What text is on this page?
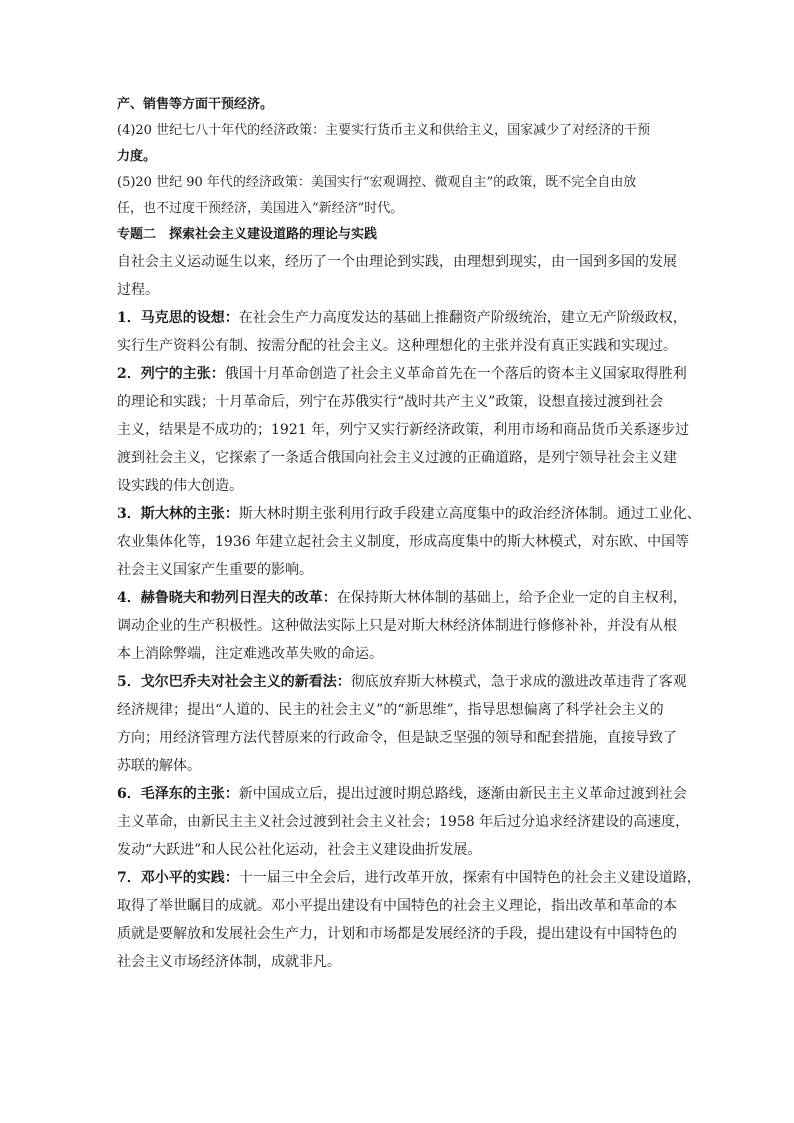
产、销售等方面干预经济。

(4)20 世纪七八十年代的经济政策：主要实行货币主义和供给主义，国家减少了对经济的干预

力度。

(5)20 世纪 90 年代的经济政策：美国实行“宏观调控、微观自主”的政策，既不完全自由放

任，也不过度干预经济，美国进入“新经济”时代。

专题二　探索社会主义建设道路的理论与实践

自社会主义运动诞生以来，经历了一个由理论到实践，由理想到现实，由一国到多国的发展

过程。

1．马克思的设想：在社会生产力高度发达的基础上推翻资产阶级统治，建立无产阶级政权，

实行生产资料公有制、按需分配的社会主义。这种理想化的主张并没有真正实践和实现过。

2．列宁的主张：俄国十月革命创造了社会主义革命首先在一个落后的资本主义国家取得胜利

的理论和实践；十月革命后，列宁在苏俄实行“战时共产主义”政策，设想直接过渡到社会

主义，结果是不成功的；1921 年，列宁又实行新经济政策，利用市场和商品货币关系逐步过

渡到社会主义，它探索了一条适合俄国向社会主义过渡的正确道路，是列宁领导社会主义建

设实践的伟大创造。

3．斯大林的主张：斯大林时期主张利用行政手段建立高度集中的政治经济体制。通过工业化、

农业集体化等，1936 年建立起社会主义制度，形成高度集中的斯大林模式，对东欧、中国等

社会主义国家产生重要的影响。

4．赫鲁晓夫和勃列日涅夫的改革：在保持斯大林体制的基础上，给予企业一定的自主权利，

调动企业的生产积极性。这种做法实际上只是对斯大林经济体制进行修修补补，并没有从根

本上消除弊端，注定难逃改革失败的命运。

5．戈尔巴乔夫对社会主义的新看法：彻底放弃斯大林模式，急于求成的激进改革违背了客观

经济规律；提出“人道的、民主的社会主义”的“新思维”，指导思想偏离了科学社会主义的

方向；用经济管理方法代替原来的行政命令，但是缺乏坚强的领导和配套措施，直接导致了

苏联的解体。

6．毛泽东的主张：新中国成立后，提出过渡时期总路线，逐渐由新民主主义革命过渡到社会

主义革命，由新民主主义社会过渡到社会主义社会；1958 年后过分追求经济建设的高速度，

发动“大跃进”和人民公社化运动，社会主义建设曲折发展。

7．邓小平的实践：十一届三中全会后，进行改革开放，探索有中国特色的社会主义建设道路，

取得了举世瞩目的成就。邓小平提出建设有中国特色的社会主义理论，指出改革和革命的本

质就是要解放和发展社会生产力，计划和市场都是发展经济的手段，提出建设有中国特色的

社会主义市场经济体制，成就非凡。
